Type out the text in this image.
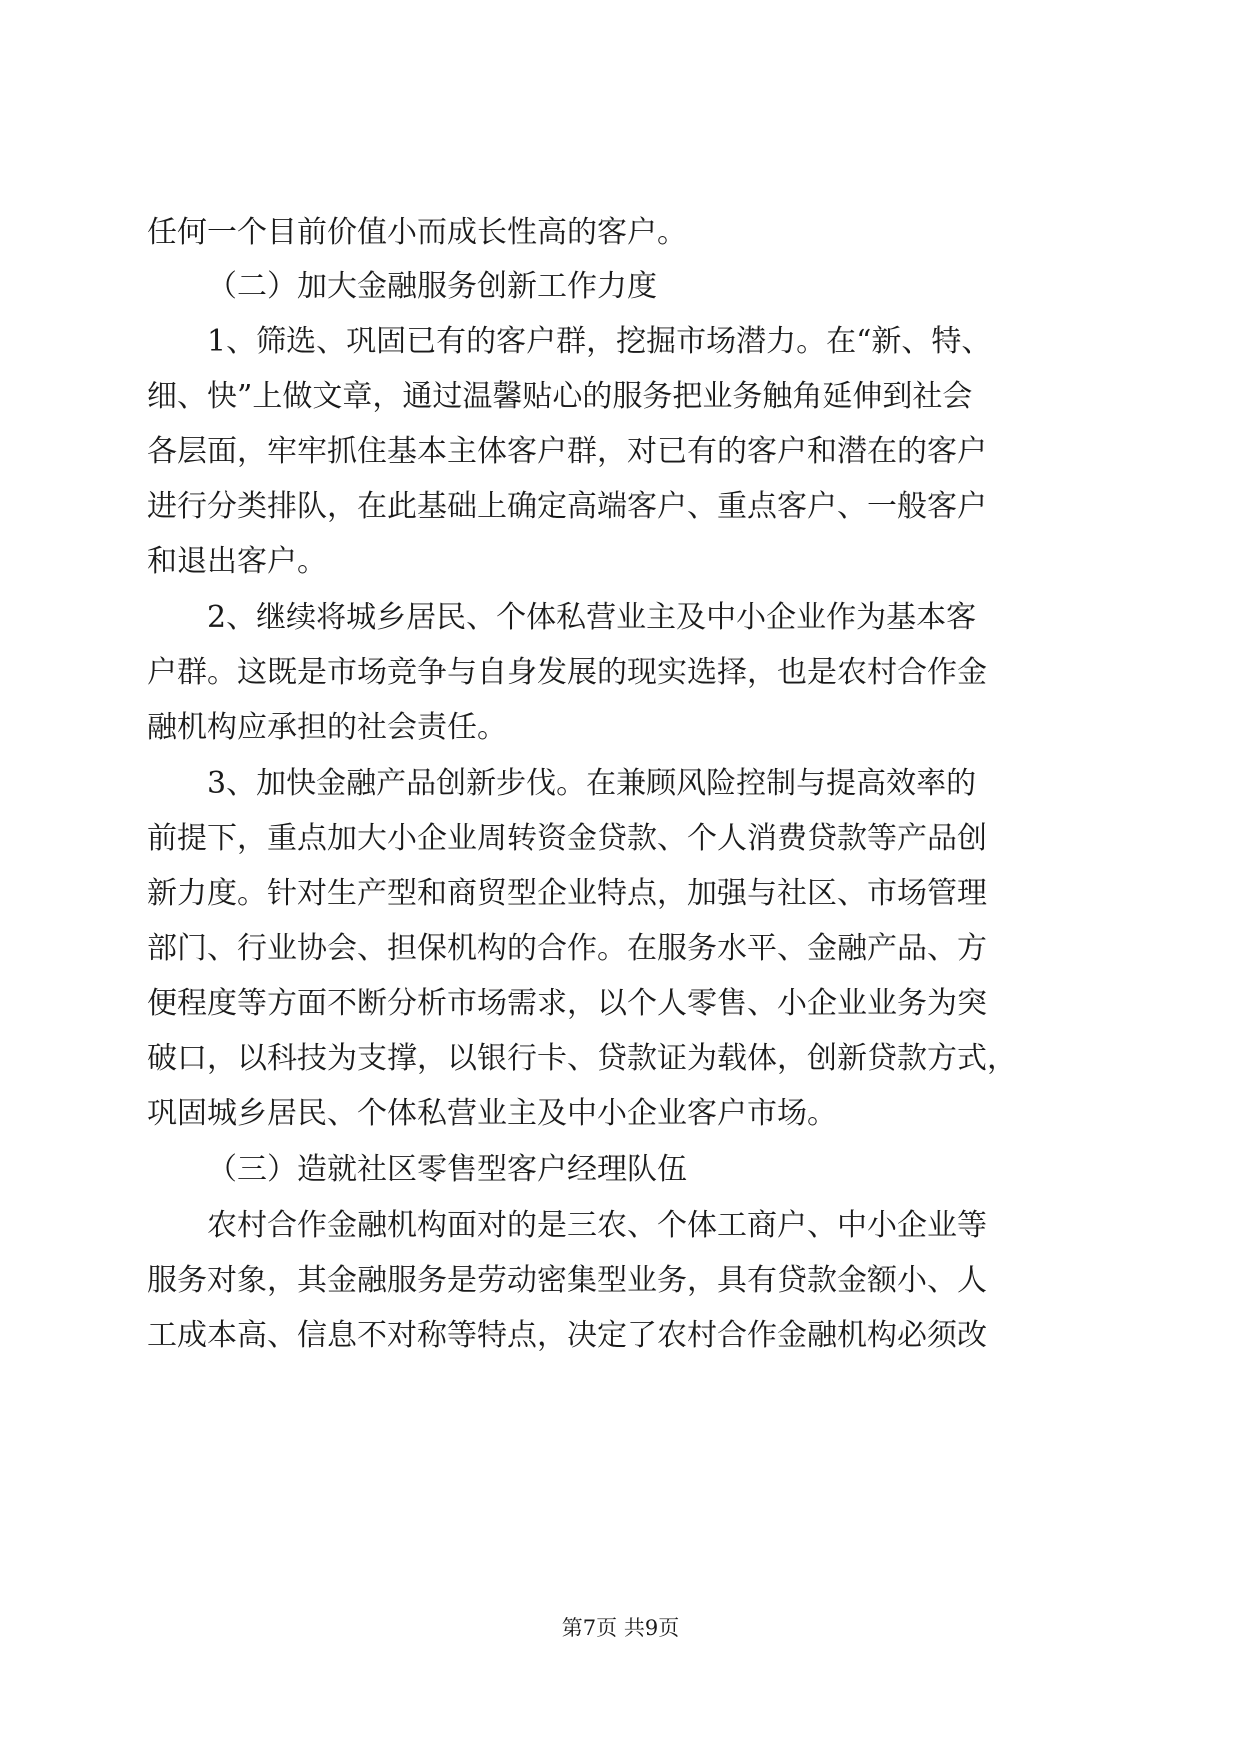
任何一个目前价值小而成长性高的客户。
（二）加大金融服务创新工作力度
1、筛选、巩固已有的客户群，挖掘市场潜力。在“新、特、
细、快”上做文章，通过温馨贴心的服务把业务触角延伸到社会
各层面，牢牢抓住基本主体客户群，对已有的客户和潜在的客户
进行分类排队，在此基础上确定高端客户、重点客户、一般客户
和退出客户。
2、继续将城乡居民、个体私营业主及中小企业作为基本客
户群。这既是市场竞争与自身发展的现实选择，也是农村合作金
融机构应承担的社会责任。
3、加快金融产品创新步伐。在兼顾风险控制与提高效率的
前提下，重点加大小企业周转资金贷款、个人消费贷款等产品创
新力度。针对生产型和商贸型企业特点，加强与社区、市场管理
部门、行业协会、担保机构的合作。在服务水平、金融产品、方
便程度等方面不断分析市场需求，以个人零售、小企业业务为突
破口，以科技为支撑，以银行卡、贷款证为载体，创新贷款方式，
巩固城乡居民、个体私营业主及中小企业客户市场。
（三）造就社区零售型客户经理队伍
农村合作金融机构面对的是三农、个体工商户、中小企业等
服务对象，其金融服务是劳动密集型业务，具有贷款金额小、人
工成本高、信息不对称等特点，决定了农村合作金融机构必须改
第7页 共9页
